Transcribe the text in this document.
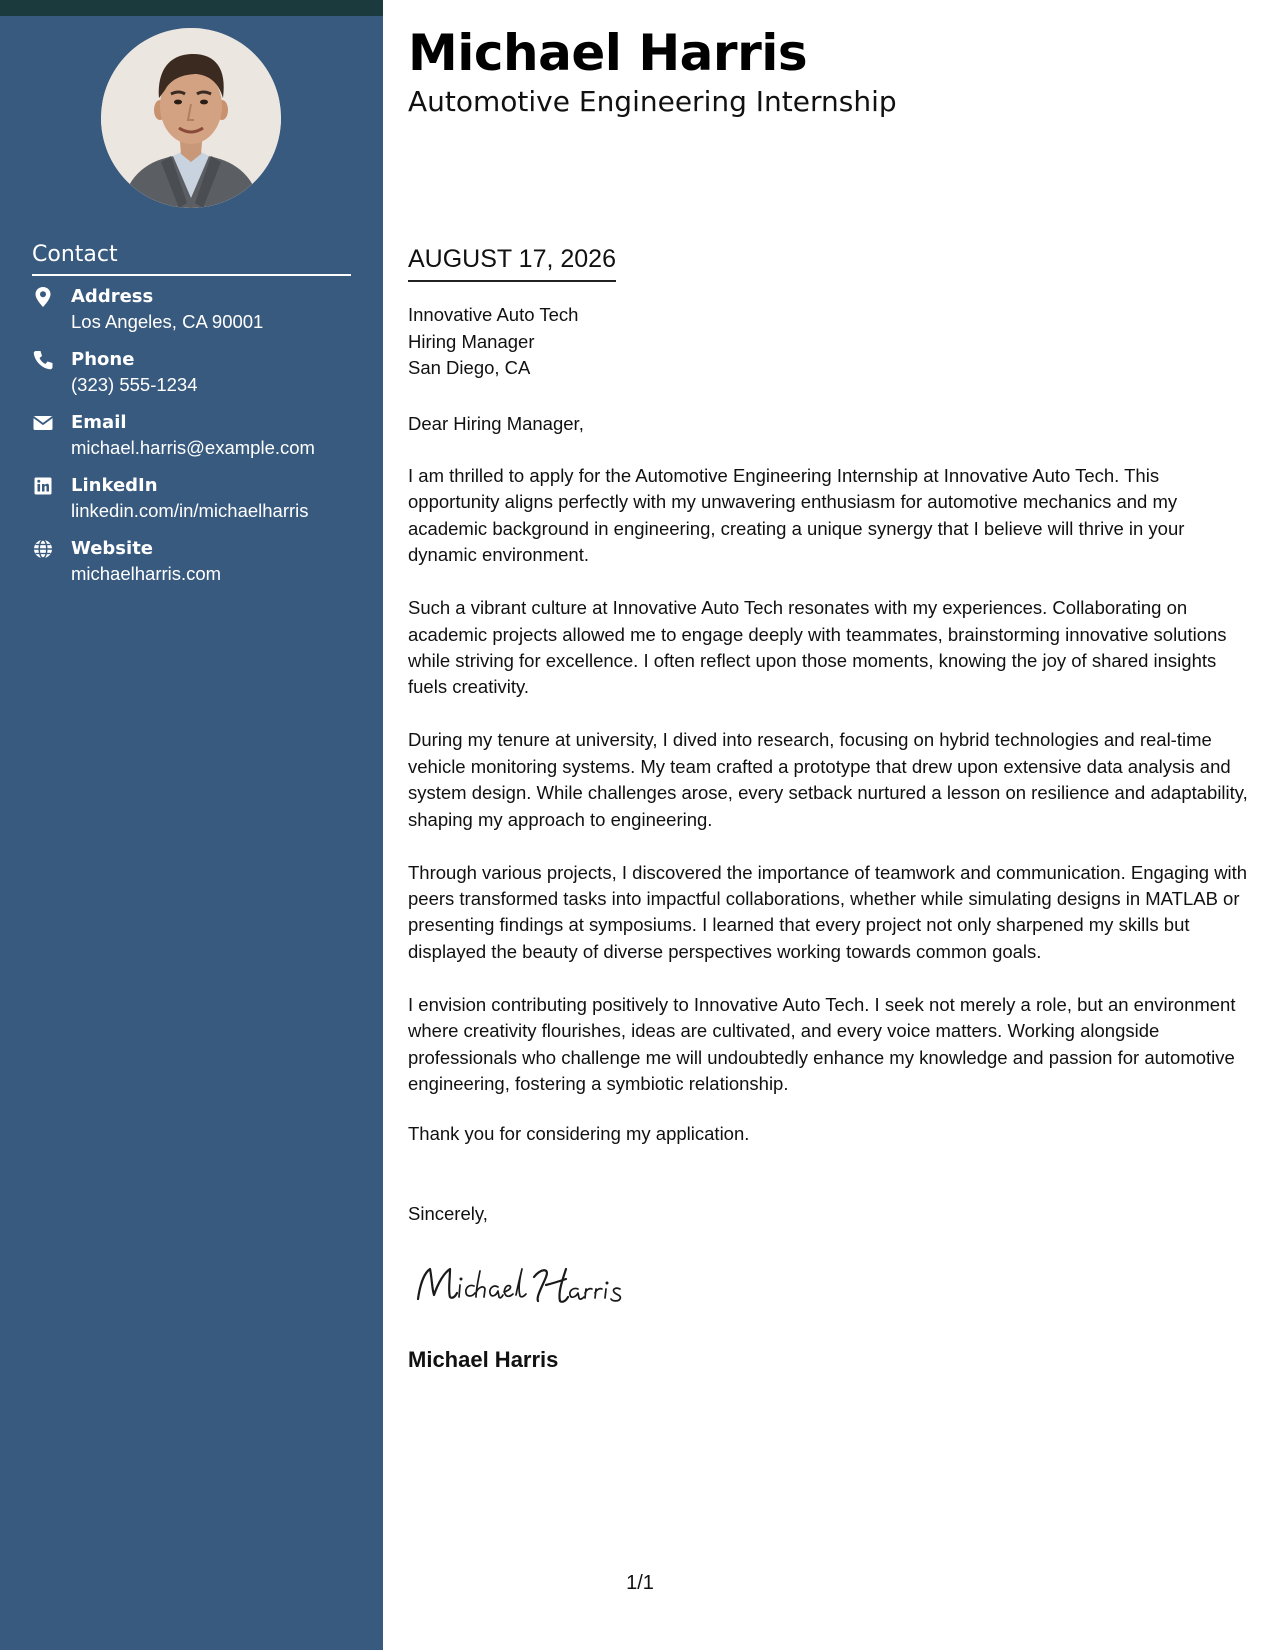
Contact
Address
Los Angeles, CA 90001
Phone
(323) 555-1234
Email
michael.harris@example.com
LinkedIn
linkedin.com/in/michaelharris
Website
michaelharris.com
Michael Harris
Automotive Engineering Internship
AUGUST 17, 2026
Innovative Auto Tech
Hiring Manager
San Diego, CA
Dear Hiring Manager,

I am thrilled to apply for the Automotive Engineering Internship at Innovative Auto Tech. This opportunity aligns perfectly with my unwavering enthusiasm for automotive mechanics and my academic background in engineering, creating a unique synergy that I believe will thrive in your dynamic environment.

Such a vibrant culture at Innovative Auto Tech resonates with my experiences. Collaborating on academic projects allowed me to engage deeply with teammates, brainstorming innovative solutions while striving for excellence. I often reflect upon those moments, knowing the joy of shared insights fuels creativity.

During my tenure at university, I dived into research, focusing on hybrid technologies and real-time vehicle monitoring systems. My team crafted a prototype that drew upon extensive data analysis and system design. While challenges arose, every setback nurtured a lesson on resilience and adaptability, shaping my approach to engineering.

Through various projects, I discovered the importance of teamwork and communication. Engaging with peers transformed tasks into impactful collaborations, whether while simulating designs in MATLAB or presenting findings at symposiums. I learned that every project not only sharpened my skills but displayed the beauty of diverse perspectives working towards common goals.

I envision contributing positively to Innovative Auto Tech. I seek not merely a role, but an environment where creativity flourishes, ideas are cultivated, and every voice matters. Working alongside professionals who challenge me will undoubtedly enhance my knowledge and passion for automotive engineering, fostering a symbiotic relationship.

Thank you for considering my application.
Sincerely,
Michael Harris
1/1
